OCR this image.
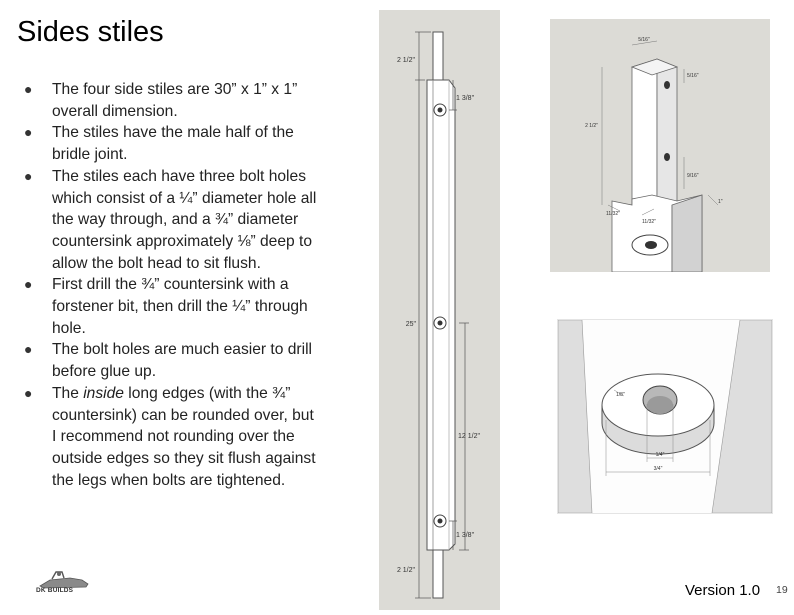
Sides stiles
● The four side stiles are 30” x 1” x 1” overall dimension.
● The stiles have the male half of the bridle joint.
● The stiles each have three bolt holes which consist of a ¼” diameter hole all the way through, and a ¾” diameter countersink approximately ⅛” deep to allow the bolt head to sit flush.
● First drill the ¾” countersink with a forstener bit, then drill the ¼” through hole.
● The bolt holes are much easier to drill before glue up.
● The inside long edges (with the ¾” countersink) can be rounded over, but I recommend not rounding over the outside edges so they sit flush against the legs when bolts are tightened.
DK BUILDS
2 1/2"
1 3/8"
25"
12 1/2"
1 3/8"
2 1/2"
5/16"
5/16"
2 1/2"
9/16"
1"
11/32"
11/32"
1/8"
1/4"
3/4"
Version 1.0 19
